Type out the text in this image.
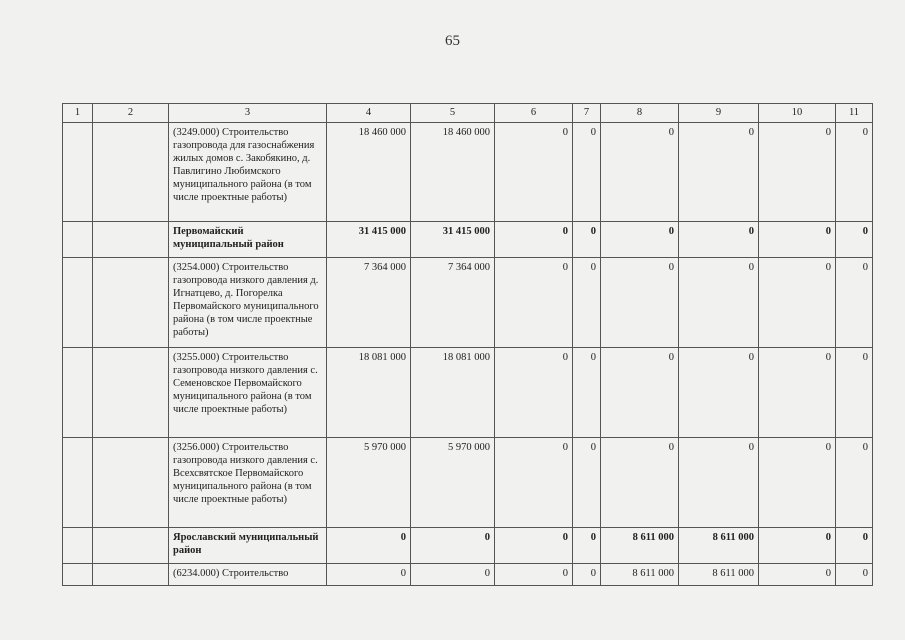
65
1	2	3	4	5	6	7	8	9	10	11
		(3249.000) Строительство газопровода для газоснабжения жилых домов с. Закобякино, д. Павлигино Любимского муниципального района (в том числе проектные работы)	18 460 000	18 460 000	0	0	0	0	0	0
		Первомайский муниципальный район	31 415 000	31 415 000	0	0	0	0	0	0
		(3254.000) Строительство газопровода низкого давления д. Игнатцево, д. Погорелка Первомайского муниципального района (в том числе проектные работы)	7 364 000	7 364 000	0	0	0	0	0	0
		(3255.000) Строительство газопровода низкого давления с. Семеновское Первомайского муниципального района (в том числе проектные работы)	18 081 000	18 081 000	0	0	0	0	0	0
		(3256.000) Строительство газопровода низкого давления с. Всехсвятское Первомайского муниципального района (в том числе проектные работы)	5 970 000	5 970 000	0	0	0	0	0	0
		Ярославский муниципальный район	0	0	0	0	8 611 000	8 611 000	0	0
		(6234.000) Строительство	0	0	0	0	8 611 000	8 611 000	0	0
